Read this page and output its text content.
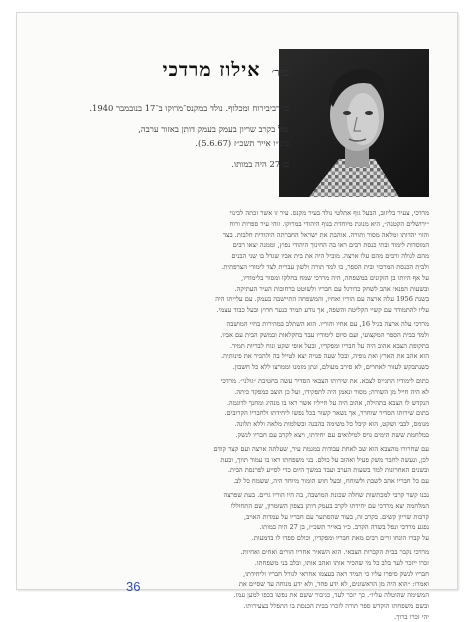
טור׳ אילוז מרדכי
בן רביבירוח ומכלוף. נולד במקנס־מרוקו ב־17 בנובמבר 1940.
נפל בקרב שריון בעמק בעמק דותן באזור ערבה,
ביכ״ו אייר תשכ״ז (5.6.67).
בן 27 היה במותו.
מרדכי, צעיר בליזוב, הבעל גוף אתלטי נולד בעיר מקנס. עיר זו אשר זכתה לכינוי
״ירושלים הקטנה״, היא מנוגת מיוחדת בנוף היהודי במרוקו. זוהי עיר ספרות ורוח
והווי יהדותו ומלאה מסור ותורה. אוהבת את ישראל החברתה היהודית חלבות. בצד
המוסדות לימוד ובתי כנסת רבים ראו בה החינוך היהודי נפוץ, וממנה יצאו רבים
מהם לגולה ורבים מהם עלו ארצה. מוביל היה את בית אביו שגדל בו שני הבנים
ולבית הכנסת המרכזי ובית הספר, בו למד תורה ולשון עברית לצד לימודי הצרפתית.
על אף היותו בן הזקונים במשפחה, היה מרדכי שמח בחלקו ומסור בלימודיו,
ובשעות הפנאי אהב לשחק כדורגל עם חבריו ולשוטט ברחובות העיר העתיקה.
בשנת 1956 עלה ארצה עם הוריו ואחיו, והמשפחה התיישבה בעמק. עם עלייתו היה
עליו להתמודד עם קשיי הקליטה והשפה, אך נודע תמיד כנער חרוץ ובעל כבוד עצמי.
מרדכי עלה ארצה בגיל 16, עם אחיו והוריו. הוא השתלב במהירות בחיי המושבה
ולמד בבית הספר המקצועי, ועם סיום לימודיו עבד בחקלאות ובמשק הבית עם אביו.
בתקופת הצבא אהוב היה על חבריו ומפקדיו, ובעל אופי שקט ונוח לבריות תמיד.
הוא אהב את הארץ ואת נופיה, ובכל שעה פנויה יצא לטייל בה ולהכיר את פינותיה.
כשנתבקש לעזור לאחרים, לא סירב מעולם, ונתן מזמנו וממרצו ללא כל חשבון.
כתום לימודיו התגייס לצבא. את שירותו הצבאי הסדיר עשה בחטיבת ״גולני״. מרדכי
לא היה חייל מן השורה; מסור ונאמן היה לתפקידו, ועל כן הוצב כמפקד כיתה.
הנקדש לו הצבא בתהילה, אהוב היה על חייליו אשר ראו בו מנהיג ומחנך לדוגמה.
בתום שירותו הסדיר שוחרר, אך נשאר קשור בכל נפשו ליחידתו ולחבריו הקרובים.
מנומס, לבבי ושקט, הוא קיבל כל משימה בהבנה ובשלמות מלאה וללא תלונה.
במלחמת ששת הימים גויס למילואים עם יחידתו, ויצא לקרב עם חבריו לנשק.
עם שחרורו מהצבא הוא שב לאחת עבודות במגמת עיר, שעלתה ארצה ועם קצר קודם
לכן, ונעשה לחבר משק פעיל ואהוב על כולם. בני משפחתו ראו בו עמוד תווך, ובעת
ובשנים האחרונות למד בשעות הערב ועבד במשך היום כדי לסייע לפרנסת הבית.
עם כל חבריו אהב לשבת ולשוחח, ובעל חוש הומור מיוחד היה, ששמח כל לב.
נבנו קשר קרבי למכתשות שחלה שכונת המושבה, בה היו הוריו גרים. בעת שפרצה
המלחמה יצא מרדכי עם יחידתו לקרב בעמק דותן בצפון השומרון, שם התחוללו
קרבות שריון קשים. בקרב זה, בעוד שהסתער עם חבריו על עמדות האויב,
נפגע מרדכי ונפל בשדה הקרב. כ״ו באייר תשכ״ז, בן 27 היה במותו.
על קברו הונחו זרים רבים מאת חבריו ומפקדיו, וכולם ספדו לו בדמעות.
מרדכי נקבר בבית הקברות הצבאי. הוא השאיר אחריו הורים ואחים ואחיות.
זכרו ייזכר לעד בלב כל מי שהכיר אותו ואהב אותו, ובלב בני משפחתו.
חבריו לנשק סיפרו עליו כי תמיד ראה בעצמו אחראי לגורל חבריו וליחידתו,
ואמרו: ״הוא היה מן הראשונים, לא ידע פחד, ולא ידע מנוחה עד שסיים את
המשימה שהוטלה עליו״. כך יזכר לעד, כגיבור ששם את נפשו בכפו למען עמו.
ובשם משפחתו הוקדש ספר תורה לזכרו בבית הכנסת בו התפלל בצעירותו.
יהי זכרו ברוך.
36
